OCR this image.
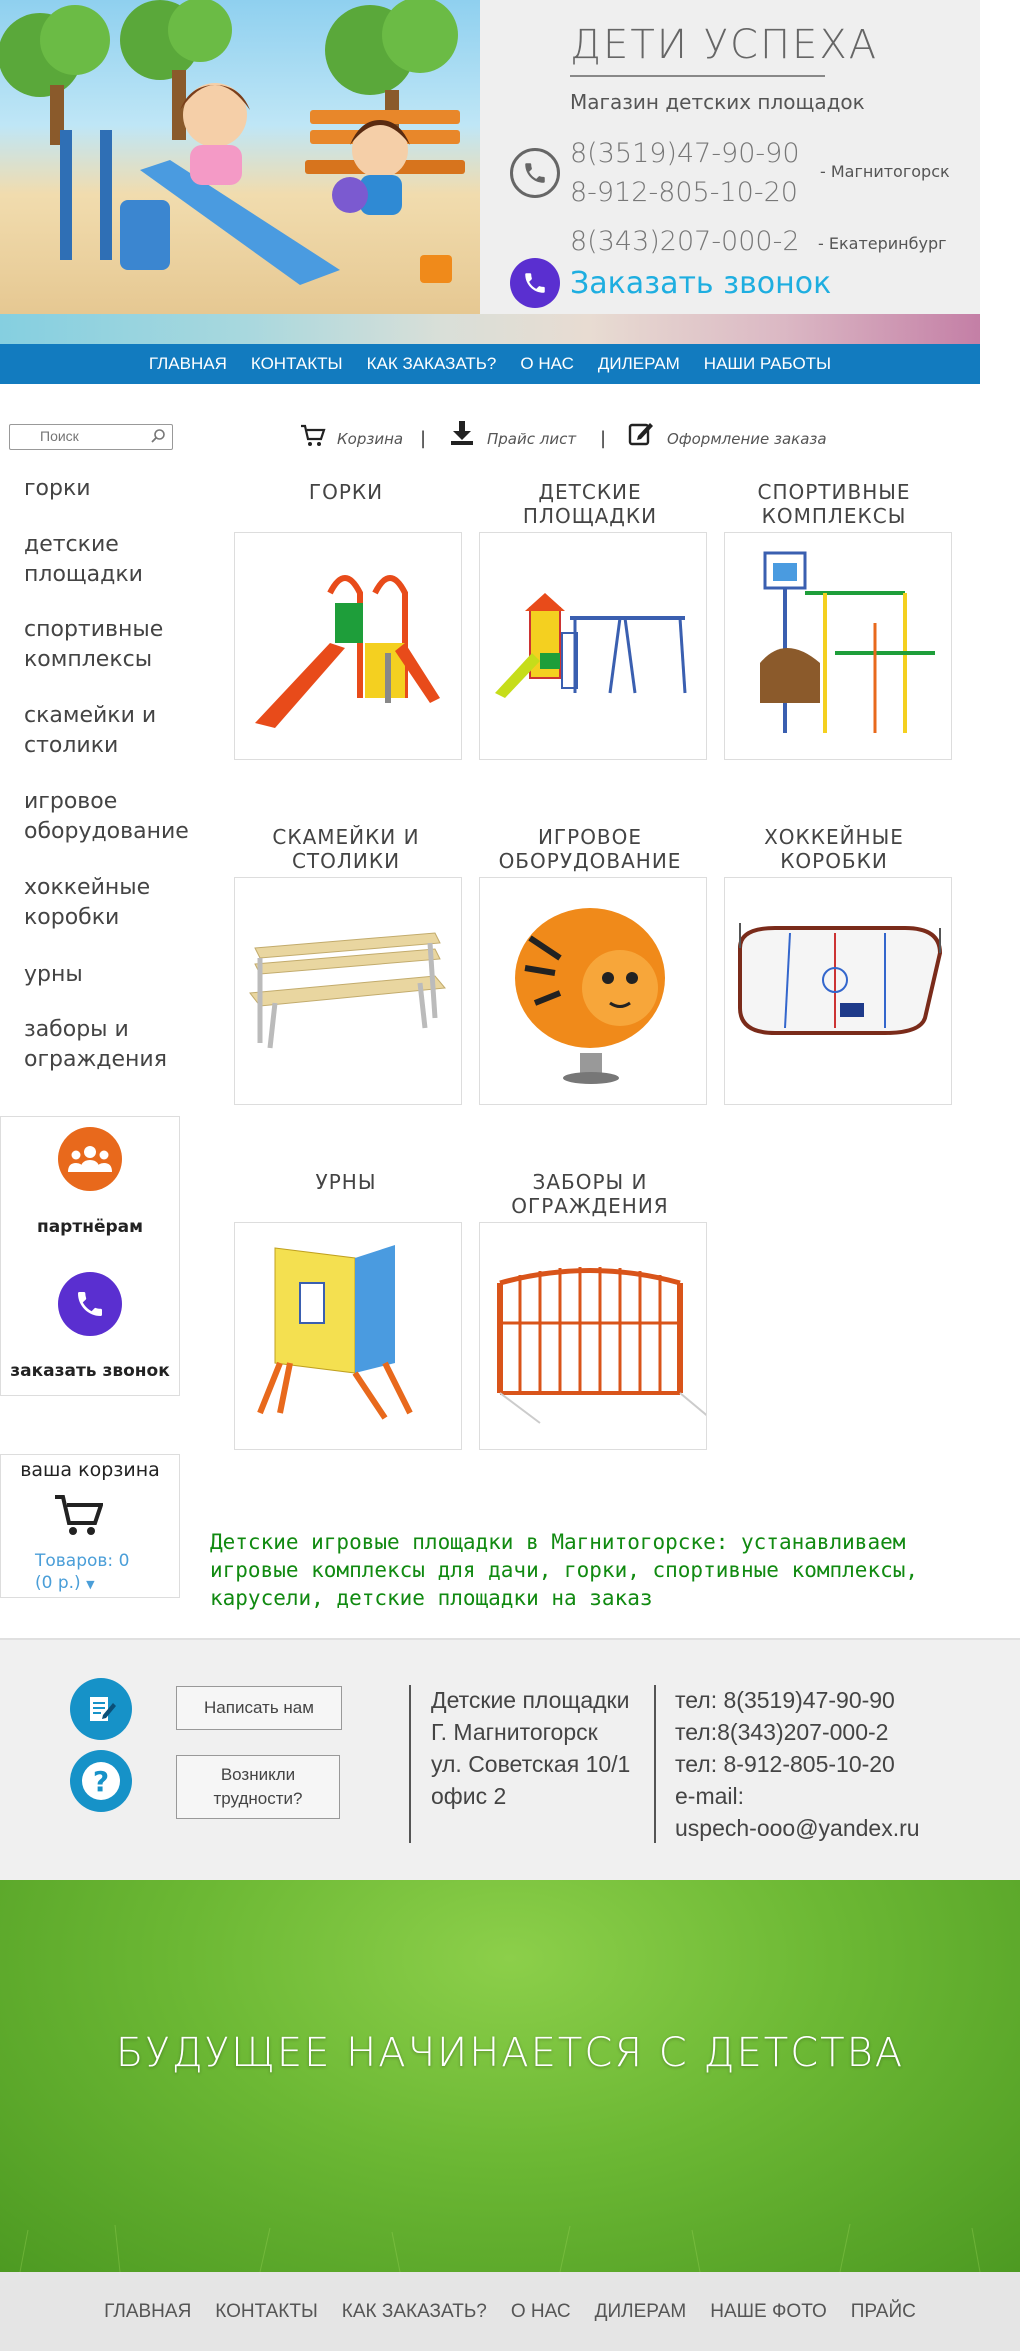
ДЕТИ УСПЕХА
Магазин детских площадок
8(3519)47-90-90
8-912-805-10-20
- Магнитогорск
8(343)207-000-2 - Екатеринбург
Заказать звонок
ГЛАВНАЯ КОНТАКТЫ КАК ЗАКАЗАТЬ? О НАС ДИЛЕРАМ НАШИ РАБОТЫ
Поиск
Корзина |	Прайс лист |	Оформление заказа
горки
детские площадки
спортивные комплексы
скамейки и столики
игровое оборудование
хоккейные коробки
урны
заборы и ограждения
партнёрам
заказать звонок
ваша корзина
Товаров: 0
(0 р.) ▼
ГОРКИ	ДЕТСКИЕ ПЛОЩАДКИ
СПОРТИВНЫЕ КОМПЛЕКСЫ
СКАМЕЙКИ И СТОЛИКИ
ИГРОВОЕ ОБОРУДОВАНИЕ
ХОККЕЙНЫЕ КОРОБКИ
УРНЫ	ЗАБОРЫ И ОГРАЖДЕНИЯ
Детские игровые площадки в Магнитогорске: устанавливаем игровые комплексы для дачи, горки, спортивные комплексы, карусели, детские площадки на заказ
?
Написать нам
Возникли трудности?
Детские площадки
Г. Магнитогорск
ул. Советская 10/1
офис 2
тел: 8(3519)47-90-90
тел:8(343)207-000-2
тел: 8-912-805-10-20
e-mail:
uspech-ooo@yandex.ru
БУДУЩЕЕ НАЧИНАЕТСЯ С ДЕТСТВА
ГЛАВНАЯ КОНТАКТЫ КАК ЗАКАЗАТЬ? О НАС ДИЛЕРАМ НАШЕ ФОТО ПРАЙС
